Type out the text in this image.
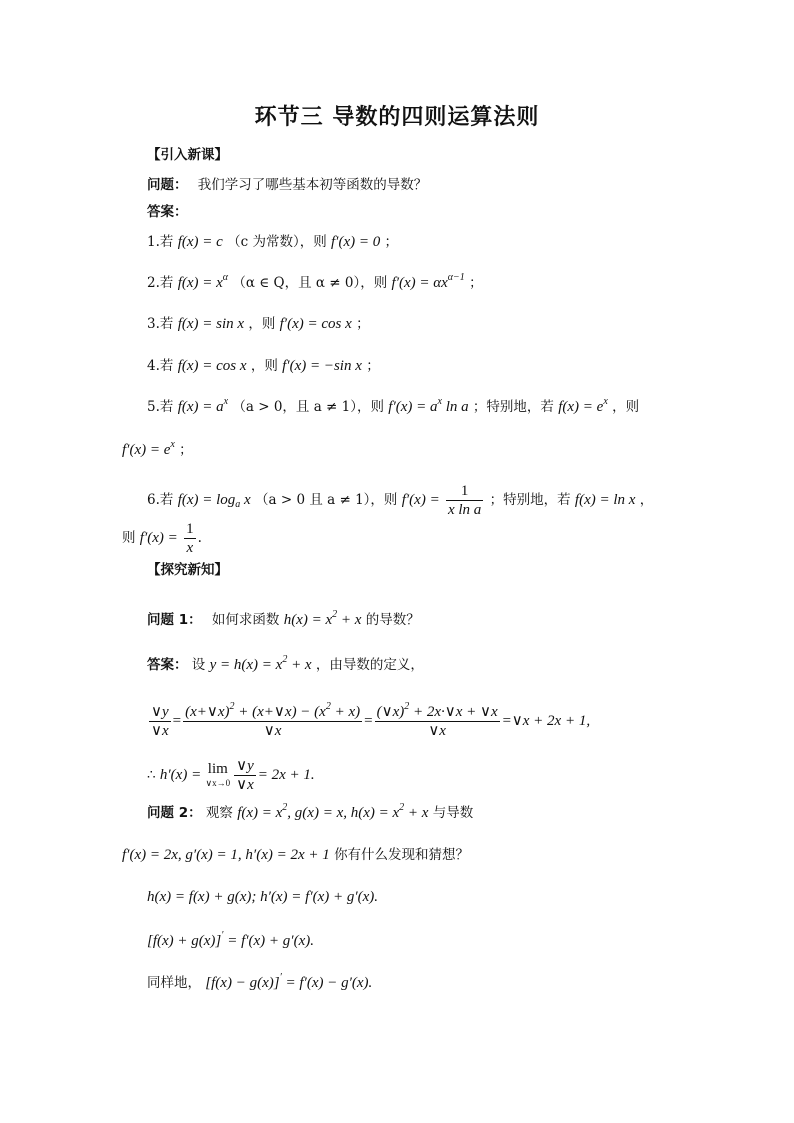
环节三 导数的四则运算法则
【引入新课】
问题： 我们学习了哪些基本初等函数的导数？
答案：
1.若 f(x) = c （c 为常数），则 f′(x) = 0 ；
2.若 $f(x) = x^\alpha$ （α ∈ Q，且 α ≠ 0），则 $f'(x) = \alpha x^{\alpha-1}$ ；
3.若 f(x) = sin x ，则 f′(x) = cos x ；
4.若 f(x) = cos x ，则 f′(x) = −sin x ；
5.若 $f(x) = a^x$ （a > 0，且 a ≠ 1），则 $f'(x) = a^x$ ln a ；特别地，若 $f(x) = e^x$ ，则
$f'(x) = e^x$ ；
6.若 $f(x) = \log_a x$ （a > 0 且 a ≠ 1），则 $f'(x) = \frac{1}{\text{x ln a}}$ ；特别地，若 f(x) = ln x ，
则 $f'(x) = \frac{1}{x}$ .
【探究新知】
问题 1： 如何求函数 $h(x) = x^2 + x$ 的导数？
答案： 设 $y = h(x) = x^2 + x$ ，由导数的定义，
$\frac{\vee y}{\vee x} = \frac{(x+\vee x)^2 + (x+\vee x) - (x^2 + x)}{\vee x} = \frac{(\vee x)^2 + 2x\cdot\vee x + \vee x}{\vee x}$ =∨x + 2x + 1,
∴ h′(x) = lim
∨x→0 $\frac{\vee y}{\vee x} = 2x + 1$.
问题 2： 观察 $f(x) = x^2$, g(x) = x, $h(x) = x^2 + x$ 与导数
f′(x) = 2x, g′(x) = 1, h′(x) = 2x + 1 你有什么发现和猜想？
h(x) = f(x) + g(x); h′(x) = f′(x) + g′(x).
[f(x) + g(x)]′ = f′(x) + g′(x).
同样地， [f(x) − g(x)]′ = f′(x) − g′(x).
